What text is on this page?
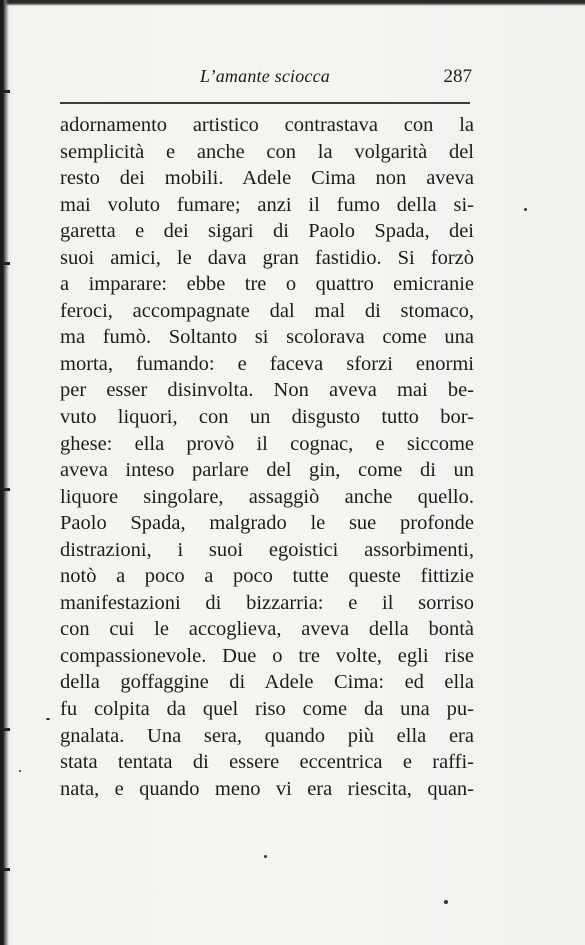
L’amante sciocca	287
adornamento artistico contrastava con la
semplicità e anche con la volgarità del
resto dei mobili. Adele Cima non aveva
mai voluto fumare; anzi il fumo della si-
garetta e dei sigari di Paolo Spada, dei
suoi amici, le dava gran fastidio. Si forzò
a imparare: ebbe tre o quattro emicranie
feroci, accompagnate dal mal di stomaco,
ma fumò. Soltanto si scolorava come una
morta, fumando: e faceva sforzi enormi
per esser disinvolta. Non aveva mai be-
vuto liquori, con un disgusto tutto bor-
ghese: ella provò il cognac, e siccome
aveva inteso parlare del gin, come di un
liquore singolare, assaggiò anche quello.
Paolo Spada, malgrado le sue profonde
distrazioni, i suoi egoistici assorbimenti,
notò a poco a poco tutte queste fittizie
manifestazioni di bizzarria: e il sorriso
con cui le accoglieva, aveva della bontà
compassionevole. Due o tre volte, egli rise
della goffaggine di Adele Cima: ed ella
fu colpita da quel riso come da una pu-
gnalata. Una sera, quando più ella era
stata tentata di essere eccentrica e raffi-
nata, e quando meno vi era riescita, quan-
